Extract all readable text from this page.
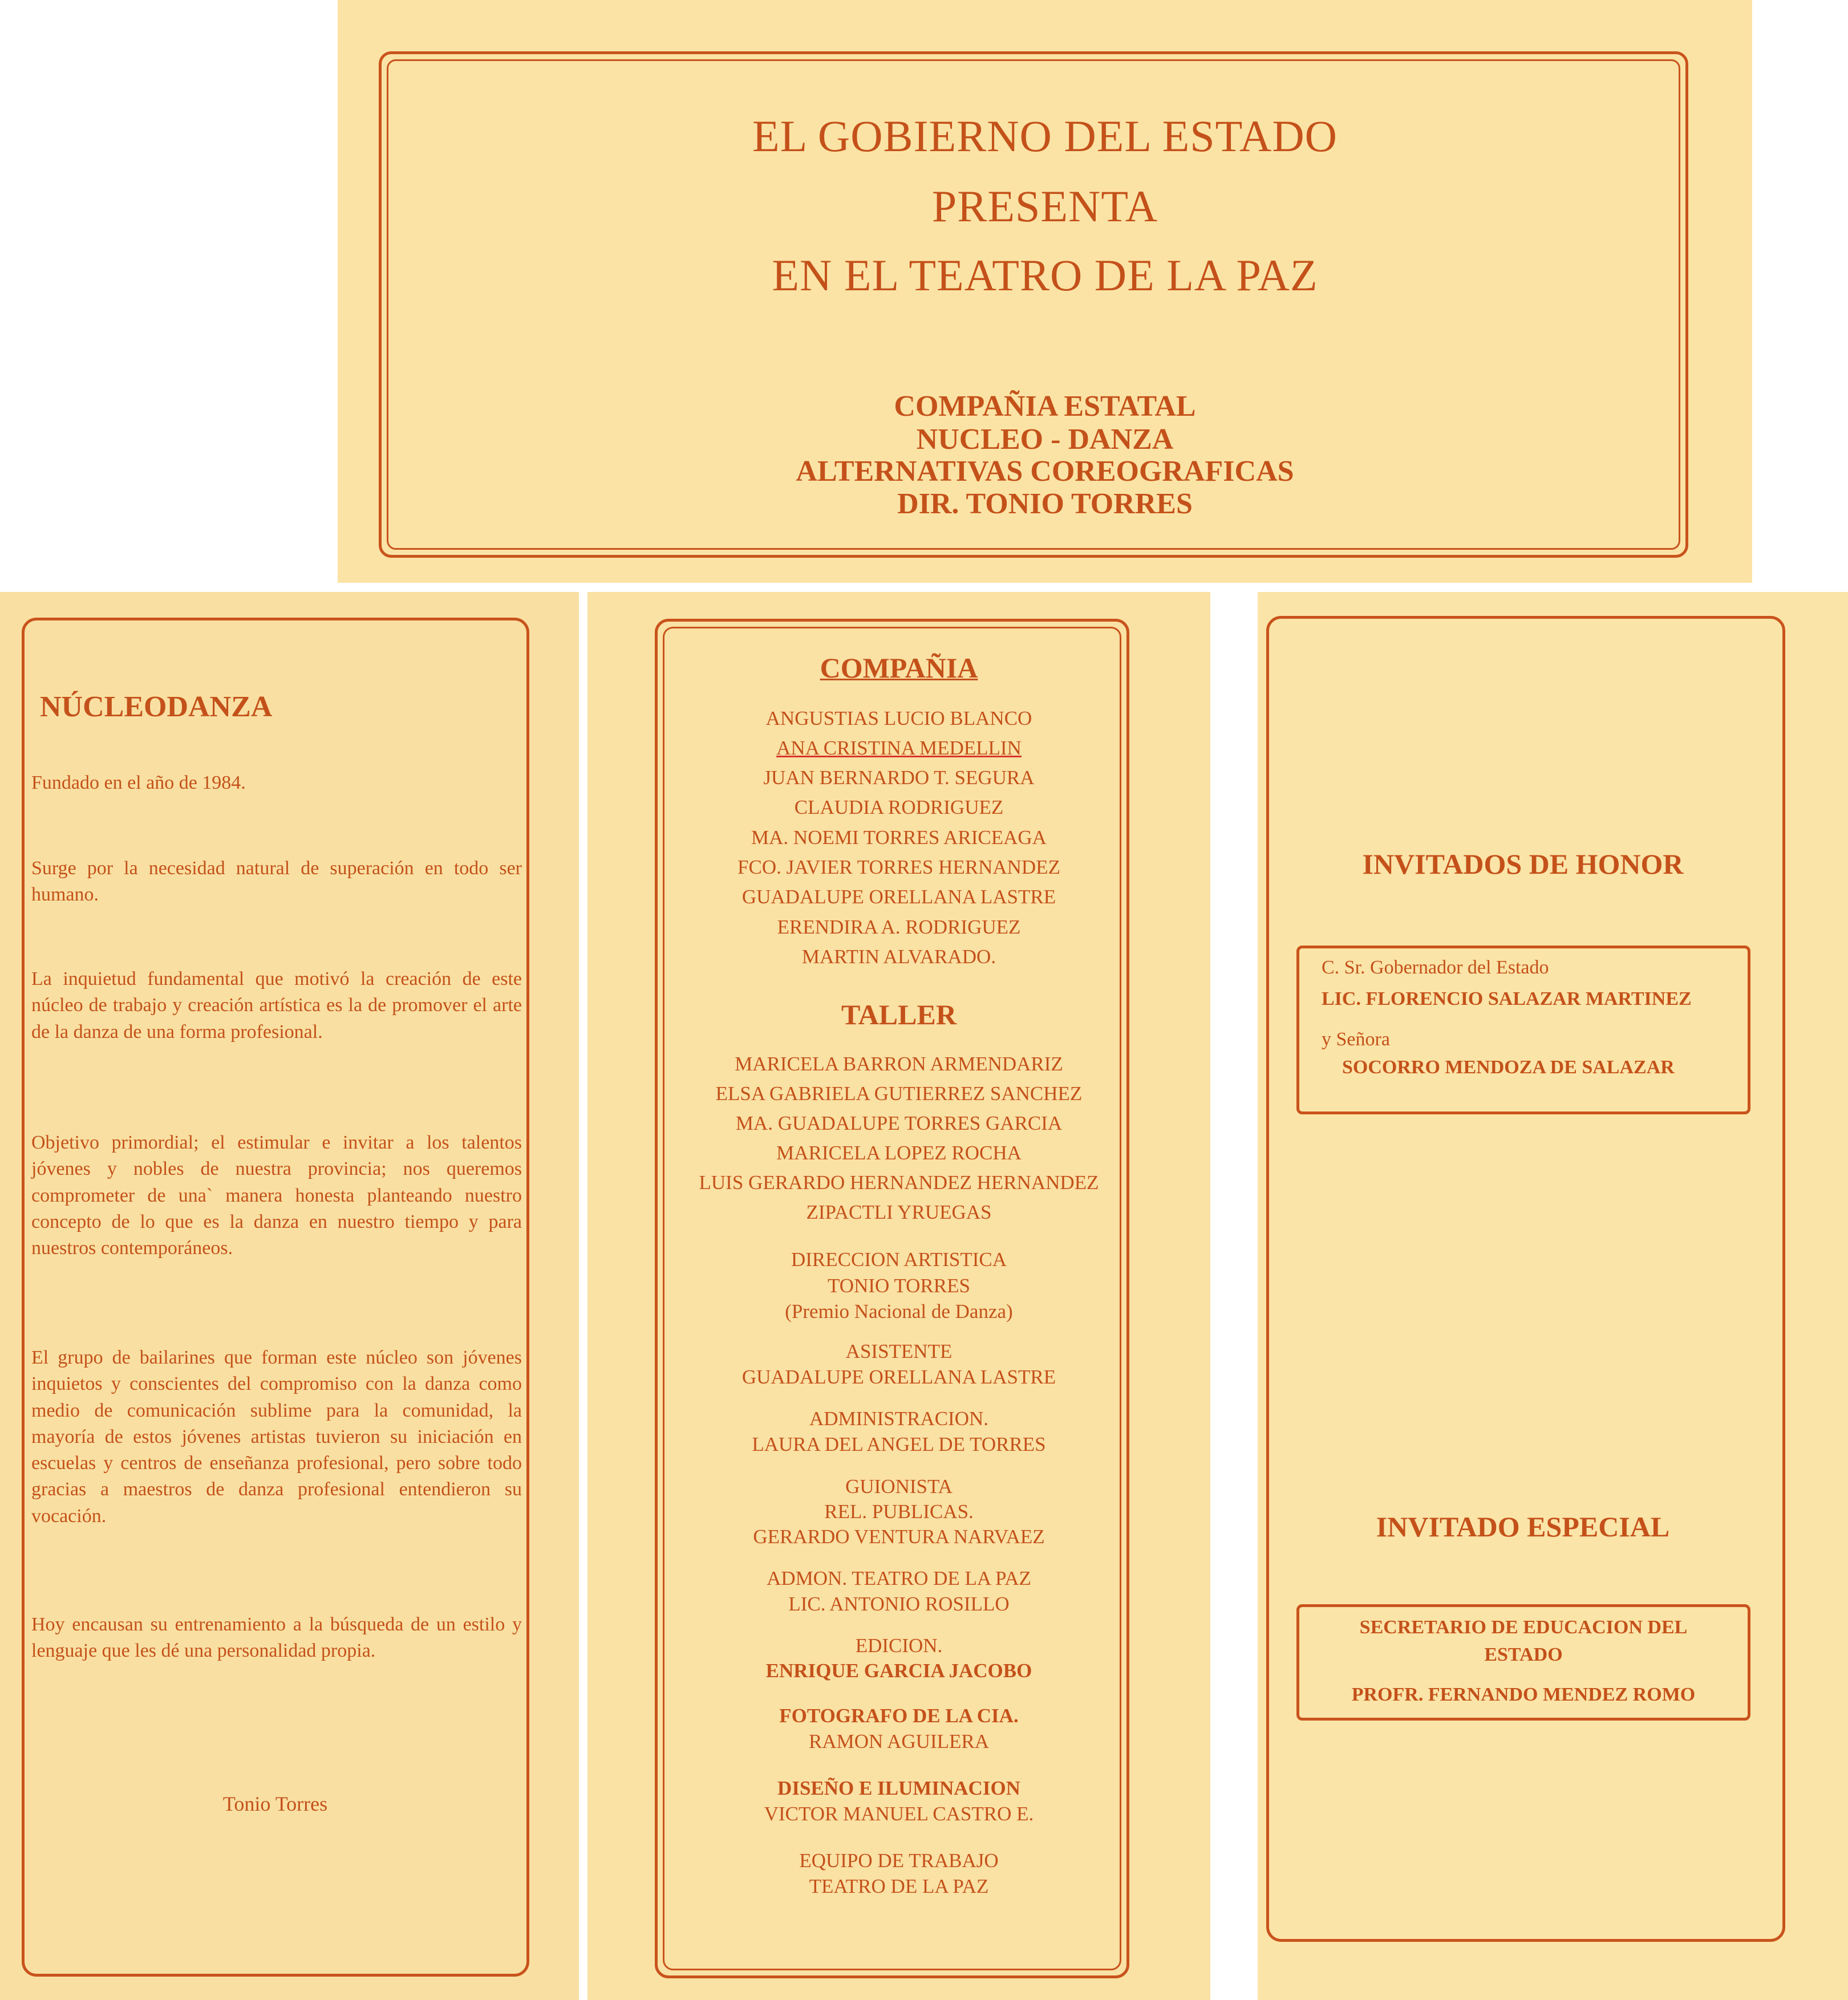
EL GOBIERNO DEL ESTADO
PRESENTA
EN EL TEATRO DE LA PAZ
COMPAÑIA ESTATAL
NUCLEO - DANZA
ALTERNATIVAS COREOGRAFICAS
DIR. TONIO TORRES
NÚCLEODANZA
Fundado en el año de 1984.
Surge por la necesidad natural de superación en todo ser humano.
La inquietud fundamental que motivó la creación de este núcleo de trabajo y creación artística es la de promover el arte de la danza de una forma profesional.
Objetivo primordial; el estimular e invitar a los talentos jóvenes y nobles de nuestra provincia; nos queremos comprometer de una` manera honesta planteando nuestro concepto de lo que es la danza en nuestro tiempo y para nuestros contemporáneos.
El grupo de bailarines que forman este núcleo son jóvenes inquietos y conscientes del compromiso con la danza como medio de comunicación sublime para la comunidad, la mayoría de estos jóvenes artistas tuvieron su iniciación en escuelas y centros de enseñanza profesional, pero sobre todo gracias a maestros de danza profesional entendieron su vocación.
Hoy encausan su entrenamiento a la búsqueda de un estilo y lenguaje que les dé una personalidad propia.
Tonio Torres
COMPAÑIA
ANGUSTIAS LUCIO BLANCO
ANA CRISTINA MEDELLIN
JUAN BERNARDO T. SEGURA
CLAUDIA RODRIGUEZ
MA. NOEMI TORRES ARICEAGA
FCO. JAVIER TORRES HERNANDEZ
GUADALUPE ORELLANA LASTRE
ERENDIRA A. RODRIGUEZ
MARTIN ALVARADO.
TALLER
MARICELA BARRON ARMENDARIZ
ELSA GABRIELA GUTIERREZ SANCHEZ
MA. GUADALUPE TORRES GARCIA
MARICELA LOPEZ ROCHA
LUIS GERARDO HERNANDEZ HERNANDEZ
ZIPACTLI YRUEGAS
DIRECCION ARTISTICA
TONIO TORRES
(Premio Nacional de Danza)
ASISTENTE
GUADALUPE ORELLANA LASTRE
ADMINISTRACION.
LAURA DEL ANGEL DE TORRES
GUIONISTA
REL. PUBLICAS.
GERARDO VENTURA NARVAEZ
ADMON. TEATRO DE LA PAZ
LIC. ANTONIO ROSILLO
EDICION.
ENRIQUE GARCIA JACOBO
FOTOGRAFO DE LA CIA.
RAMON AGUILERA
DISEÑO E ILUMINACION
VICTOR MANUEL CASTRO E.
EQUIPO DE TRABAJO
TEATRO DE LA PAZ
INVITADOS DE HONOR
C. Sr. Gobernador del Estado
LIC. FLORENCIO SALAZAR MARTINEZ
y Señora
SOCORRO MENDOZA DE SALAZAR
INVITADO ESPECIAL
SECRETARIO DE EDUCACION DEL
ESTADO
PROFR. FERNANDO MENDEZ ROMO
